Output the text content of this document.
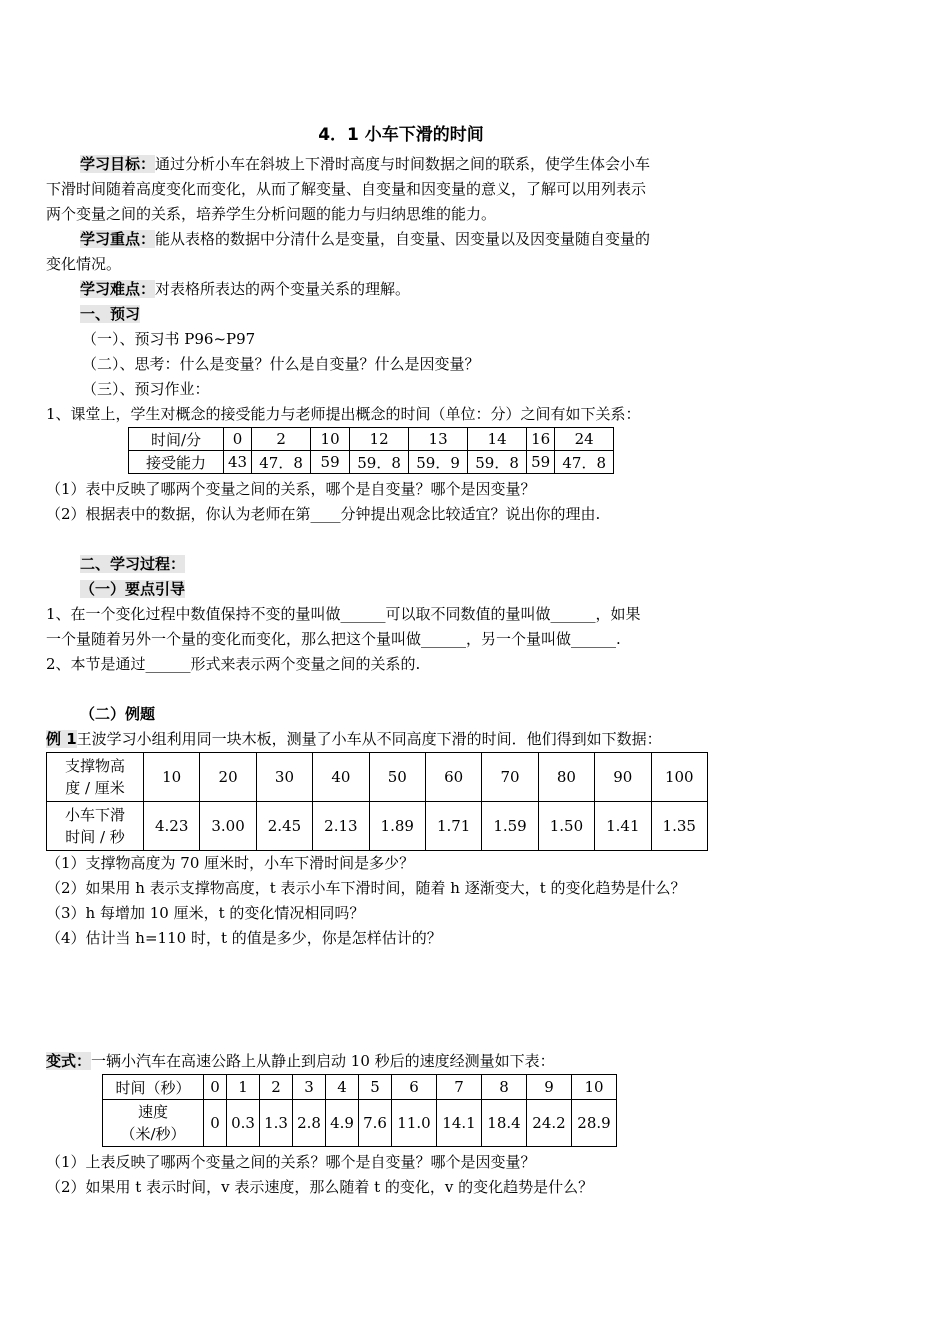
4．1 小车下滑的时间

学习目标：通过分析小车在斜坡上下滑时高度与时间数据之间的联系，使学生体会小车

下滑时间随着高度变化而变化，从而了解变量、自变量和因变量的意义，了解可以用列表示

两个变量之间的关系，培养学生分析问题的能力与归纳思维的能力。

学习重点：能从表格的数据中分清什么是变量，自变量、因变量以及因变量随自变量的

变化情况。

学习难点：对表格所表达的两个变量关系的理解。

一、预习

（一）、预习书 P96~P97

（二）、思考：什么是变量？什么是自变量？什么是因变量？

（三）、预习作业：

1、课堂上，学生对概念的接受能力与老师提出概念的时间（单位：分）之间有如下关系：

时间/分	0	2	10	12	13	14	16	24
接受能力	43	47．8	59	59．8	59．9	59．8	59	47．8

（1）表中反映了哪两个变量之间的关系，哪个是自变量？哪个是因变量？

（2）根据表中的数据，你认为老师在第____分钟提出观念比较适宜？说出你的理由.

二、学习过程：

（一）要点引导

1、在一个变化过程中数值保持不变的量叫做______可以取不同数值的量叫做______，如果

一个量随着另外一个量的变化而变化，那么把这个量叫做______，另一个量叫做______.

2、本节是通过______形式来表示两个变量之间的关系的.

（二）例题

例 1王波学习小组利用同一块木板，测量了小车从不同高度下滑的时间．他们得到如下数据：

支撑物高
度 / 厘米	10	20	30	40	50	60	70	80	90	100
小车下滑
时间 / 秒	4.23	3.00	2.45	2.13	1.89	1.71	1.59	1.50	1.41	1.35

（1）支撑物高度为 70 厘米时，小车下滑时间是多少？

（2）如果用 h 表示支撑物高度，t 表示小车下滑时间，随着 h 逐渐变大，t 的变化趋势是什么？

（3）h 每增加 10 厘米，t 的变化情况相同吗？

（4）估计当 h=110 时，t 的值是多少，你是怎样估计的？

变式：一辆小汽车在高速公路上从静止到启动 10 秒后的速度经测量如下表：

时间（秒）	0	1	2	3	4	5	6	7	8	9	10
速度
（米/秒）	0	0.3	1.3	2.8	4.9	7.6	11.0	14.1	18.4	24.2	28.9

（1）上表反映了哪两个变量之间的关系？哪个是自变量？哪个是因变量？

（2）如果用 t 表示时间，v 表示速度，那么随着 t 的变化，v 的变化趋势是什么？
